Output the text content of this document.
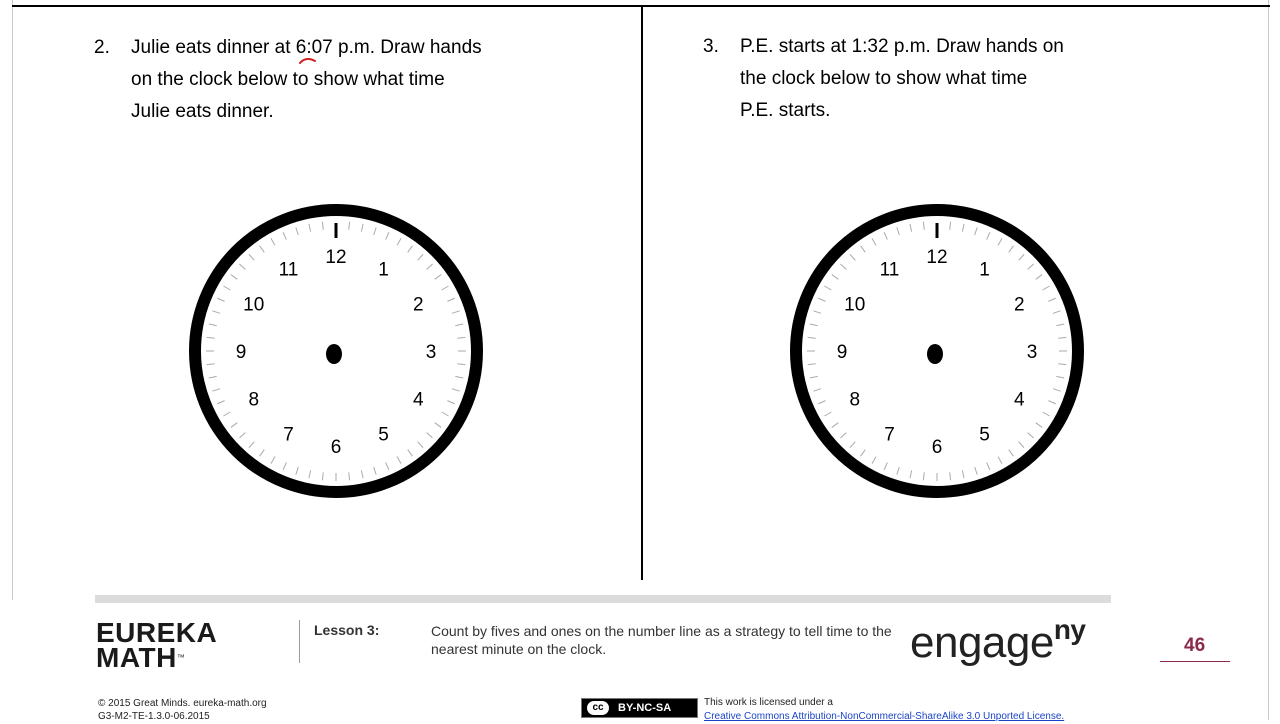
2. Julie eats dinner at 6:07 p.m. Draw hands
on the clock below to show what time
Julie eats dinner.
3. P.E. starts at 1:32 p.m. Draw hands on
the clock below to show what time
P.E. starts.
12
1
2
3
4
5
6
7
8
9
10
11
12
1
2
3
4
5
6
7
8
9
10
11
EUREKA
MATH™
Lesson 3:	Count by fives and ones on the number line as a strategy to tell time to the nearest minute on the clock.	engage$^{ny}$
46
© 2015 Great Minds. eureka-math.org
G3-M2-TE-1.3.0-06.2015
cc	BY-NC-SA	This work is licensed under a
Creative Commons Attribution-NonCommercial-ShareAlike 3.0 Unported License.
